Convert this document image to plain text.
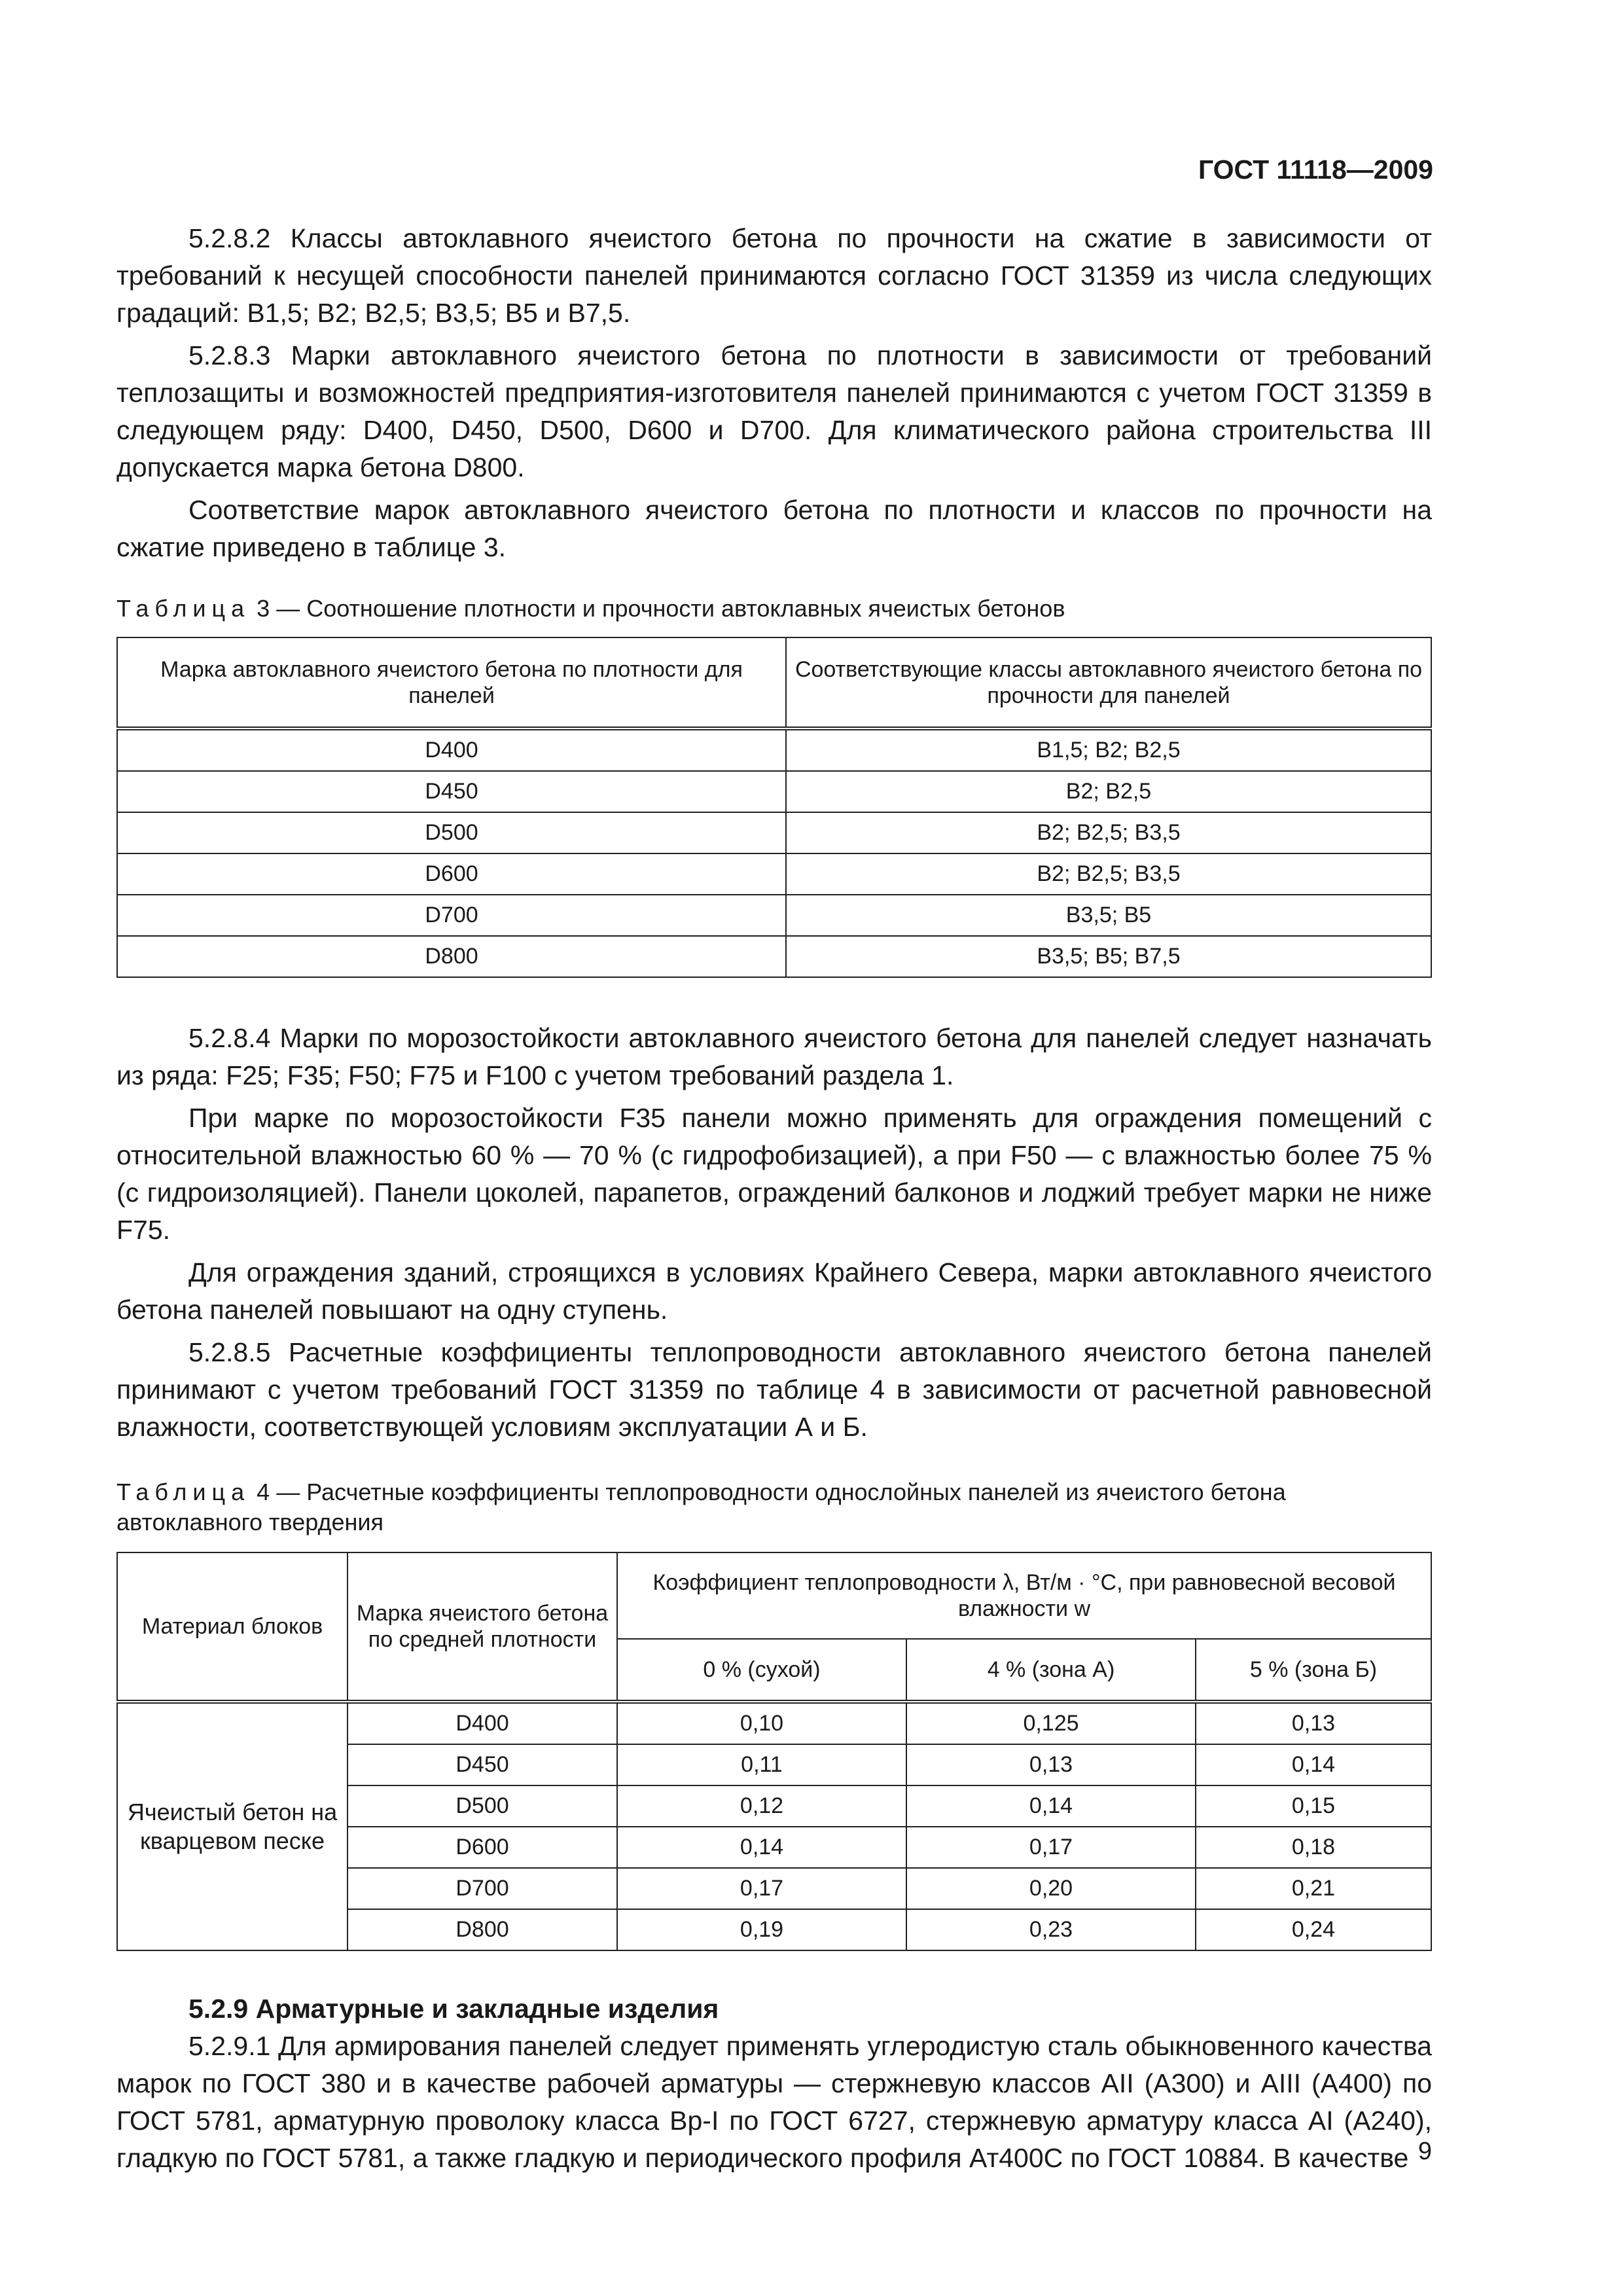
ГОСТ 11118—2009

5.2.8.2 Классы автоклавного ячеистого бетона по прочности на сжатие в зависимости от требований к несущей способности панелей принимаются согласно ГОСТ 31359 из числа следующих градаций: В1,5; В2; В2,5; В3,5; В5 и В7,5.

5.2.8.3 Марки автоклавного ячеистого бетона по плотности в зависимости от требований теплозащиты и возможностей предприятия-изготовителя панелей принимаются с учетом ГОСТ 31359 в следующем ряду: D400, D450, D500, D600 и D700. Для климатического района строительства III допускается марка бетона D800.

Соответствие марок автоклавного ячеистого бетона по плотности и классов по прочности на сжатие приведено в таблице 3.

Таблица 3 — Соотношение плотности и прочности автоклавных ячеистых бетонов
Марка автоклавного ячеистого бетона по плотности для панелей	Соответствующие классы автоклавного ячеистого бетона по прочности для панелей
D400	В1,5; В2; В2,5
D450	В2; В2,5
D500	В2; В2,5; В3,5
D600	В2; В2,5; В3,5
D700	В3,5; В5
D800	В3,5; В5; В7,5

5.2.8.4 Марки по морозостойкости автоклавного ячеистого бетона для панелей следует назначать из ряда: F25; F35; F50; F75 и F100 с учетом требований раздела 1.

При марке по морозостойкости F35 панели можно применять для ограждения помещений с относительной влажностью 60 % — 70 % (с гидрофобизацией), а при F50 — с влажностью более 75 % (с гидроизоляцией). Панели цоколей, парапетов, ограждений балконов и лоджий требует марки не ниже F75.

Для ограждения зданий, строящихся в условиях Крайнего Севера, марки автоклавного ячеистого бетона панелей повышают на одну ступень.

5.2.8.5 Расчетные коэффициенты теплопроводности автоклавного ячеистого бетона панелей принимают с учетом требований ГОСТ 31359 по таблице 4 в зависимости от расчетной равновесной влажности, соответствующей условиям эксплуатации А и Б.

Таблица 4 — Расчетные коэффициенты теплопроводности однослойных панелей из ячеистого бетона автоклавного твердения
Материал блоков	Марка ячеистого бетона по средней плотности	Коэффициент теплопроводности λ, Вт/м · °С, при равновесной весовой влажности w		
		0 % (сухой)	4 % (зона А)	5 % (зона Б)
Ячеистый бетон на кварцевом песке	D400	0,10	0,125	0,13
	D450	0,11	0,13	0,14
	D500	0,12	0,14	0,15
	D600	0,14	0,17	0,18
	D700	0,17	0,20	0,21
	D800	0,19	0,23	0,24
5.2.9 Арматурные и закладные изделия

5.2.9.1 Для армирования панелей следует применять углеродистую сталь обыкновенного качества марок по ГОСТ 380 и в качестве рабочей арматуры — стержневую классов АII (А300) и АIII (А400) по ГОСТ 5781, арматурную проволоку класса Вр-I по ГОСТ 6727, стержневую арматуру класса АI (А240), гладкую по ГОСТ 5781, а также гладкую и периодического профиля Ат400С по ГОСТ 10884. В качестве 9
